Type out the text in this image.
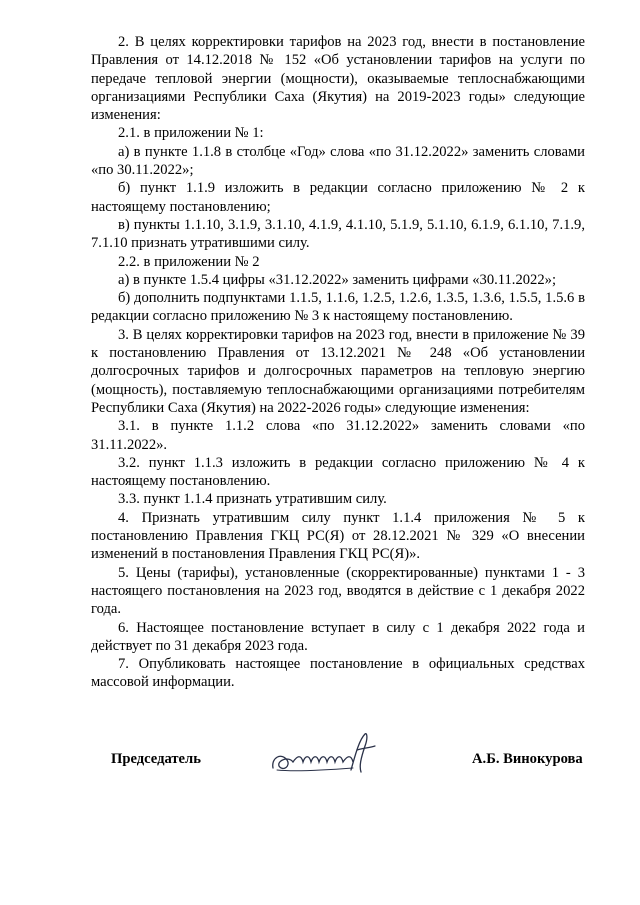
2. В целях корректировки тарифов на 2023 год, внести в постановление Правления от 14.12.2018 № 152 «Об установлении тарифов на услуги по передаче тепловой энергии (мощности), оказываемые теплоснабжающими организациями Республики Саха (Якутия) на 2019-2023 годы» следующие изменения:

2.1. в приложении № 1:

а) в пункте 1.1.8 в столбце «Год» слова «по 31.12.2022» заменить словами «по 30.11.2022»;

б) пункт 1.1.9 изложить в редакции согласно приложению № 2 к настоящему постановлению;

в) пункты 1.1.10, 3.1.9, 3.1.10, 4.1.9, 4.1.10, 5.1.9, 5.1.10, 6.1.9, 6.1.10, 7.1.9, 7.1.10 признать утратившими силу.

2.2. в приложении № 2

а) в пункте 1.5.4 цифры «31.12.2022» заменить цифрами «30.11.2022»;

б) дополнить подпунктами 1.1.5, 1.1.6, 1.2.5, 1.2.6, 1.3.5, 1.3.6, 1.5.5, 1.5.6 в редакции согласно приложению № 3 к настоящему постановлению.

3. В целях корректировки тарифов на 2023 год, внести в приложение № 39 к постановлению Правления от 13.12.2021 № 248 «Об установлении долгосрочных тарифов и долгосрочных параметров на тепловую энергию (мощность), поставляемую теплоснабжающими организациями потребителям Республики Саха (Якутия) на 2022-2026 годы» следующие изменения:

3.1. в пункте 1.1.2 слова «по 31.12.2022» заменить словами «по 31.11.2022».

3.2. пункт 1.1.3 изложить в редакции согласно приложению № 4 к настоящему постановлению.

3.3. пункт 1.1.4 признать утратившим силу.

4. Признать утратившим силу пункт 1.1.4 приложения № 5 к постановлению Правления ГКЦ РС(Я) от 28.12.2021 № 329 «О внесении изменений в постановления Правления ГКЦ РС(Я)».

5. Цены (тарифы), установленные (скорректированные) пунктами 1 - 3 настоящего постановления на 2023 год, вводятся в действие с 1 декабря 2022 года.

6. Настоящее постановление вступает в силу с 1 декабря 2022 года и действует по 31 декабря 2023 года.

7. Опубликовать настоящее постановление в официальных средствах массовой информации.

Председатель	А.Б. Винокурова
